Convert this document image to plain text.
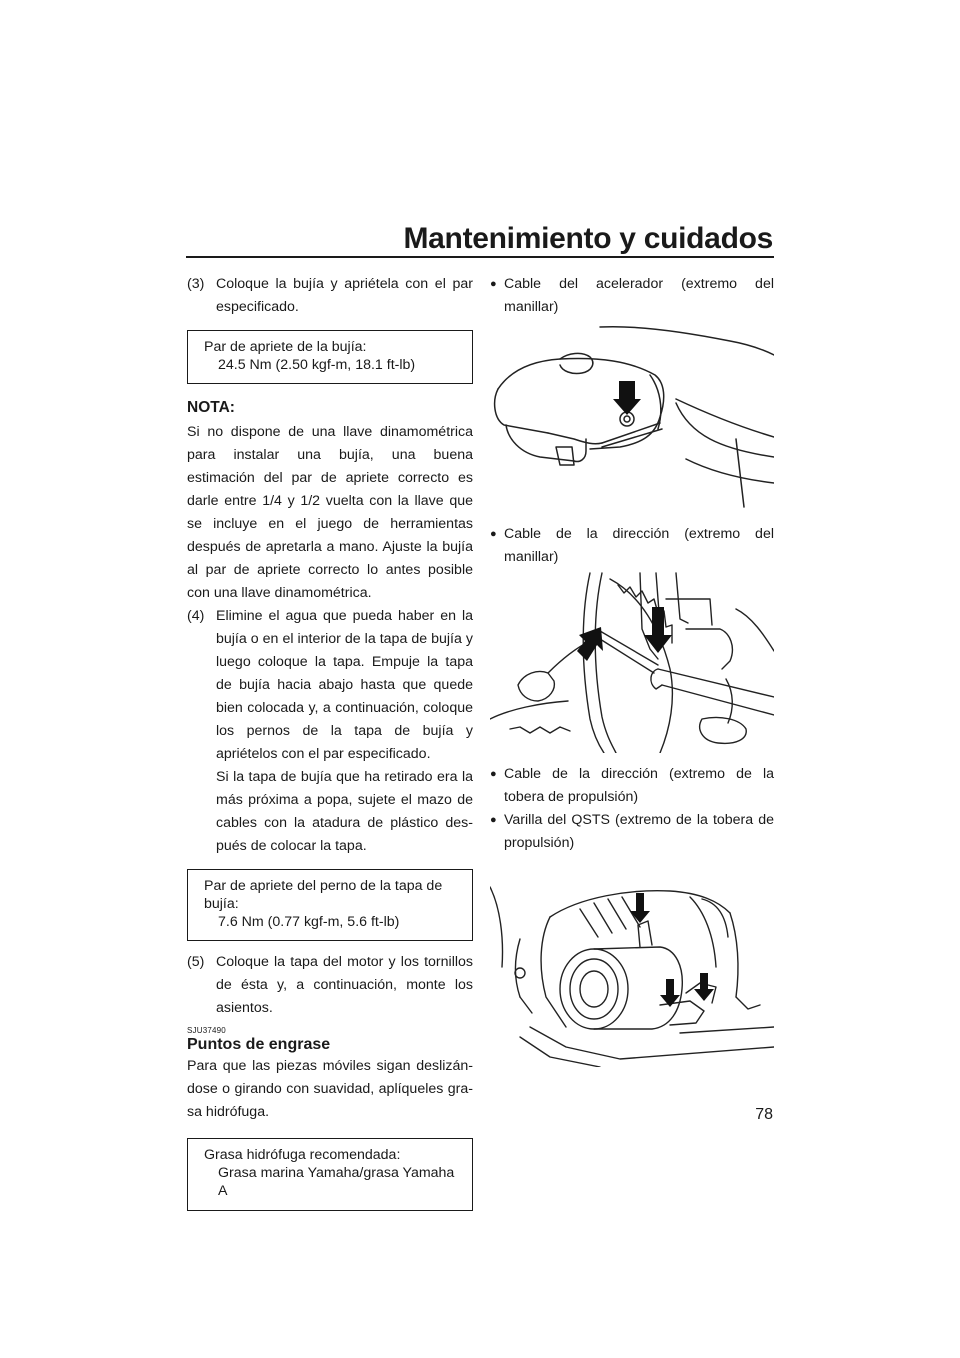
Mantenimiento y cuidados
(3) Coloque la bujía y apriételа con el par especificado.
Par de apriete de la bujía:
24.5 Nm (2.50 kgf-m, 18.1 ft-lb)
NOTA:

Si no dispone de una llave dinamométrica para instalar una bujía, una buena estimación del par de apriete correcto es darle entre 1/4 y 1/2 vuelta con la llave que se incluye en el juego de herramientas después de apretarla a mano. Ajuste la bujía al par de apriete correcto lo antes posible con una llave dinamométrica.

(4) Elimine el agua que pueda haber en la bujía o en el interior de la tapa de bujía y luego coloque la tapa. Empuje la tapa de bujía hacia abajo hasta que quede bien colocada y, a continuación, coloque los pernos de la tapa de bujía y apriételos con el par especificado.

Si la tapa de bujía que ha retirado era la más próxima a popa, sujete el mazo de cables con la atadura de plástico después de colocar la tapa.

Par de apriete del perno de la tapa de bujía:
7.6 Nm (0.77 kgf-m, 5.6 ft-lb)
(5) Coloque la tapa del motor y los tornillos de ésta y, a continuación, monte los asientos.
SJU37490
Puntos de engrase

Para que las piezas móviles sigan deslizándose o girando con suavidad, aplíqueles grasa hidrófuga.

Grasa hidrófuga recomendada:
Grasa marina Yamaha/grasa Yamaha A
● Cable del acelerador (extremo del manillar)
● Cable de la dirección (extremo del manillar)
● Cable de la dirección (extremo de la tobera de propulsión)
● Varilla del QSTS (extremo de la tobera de propulsión)
78
